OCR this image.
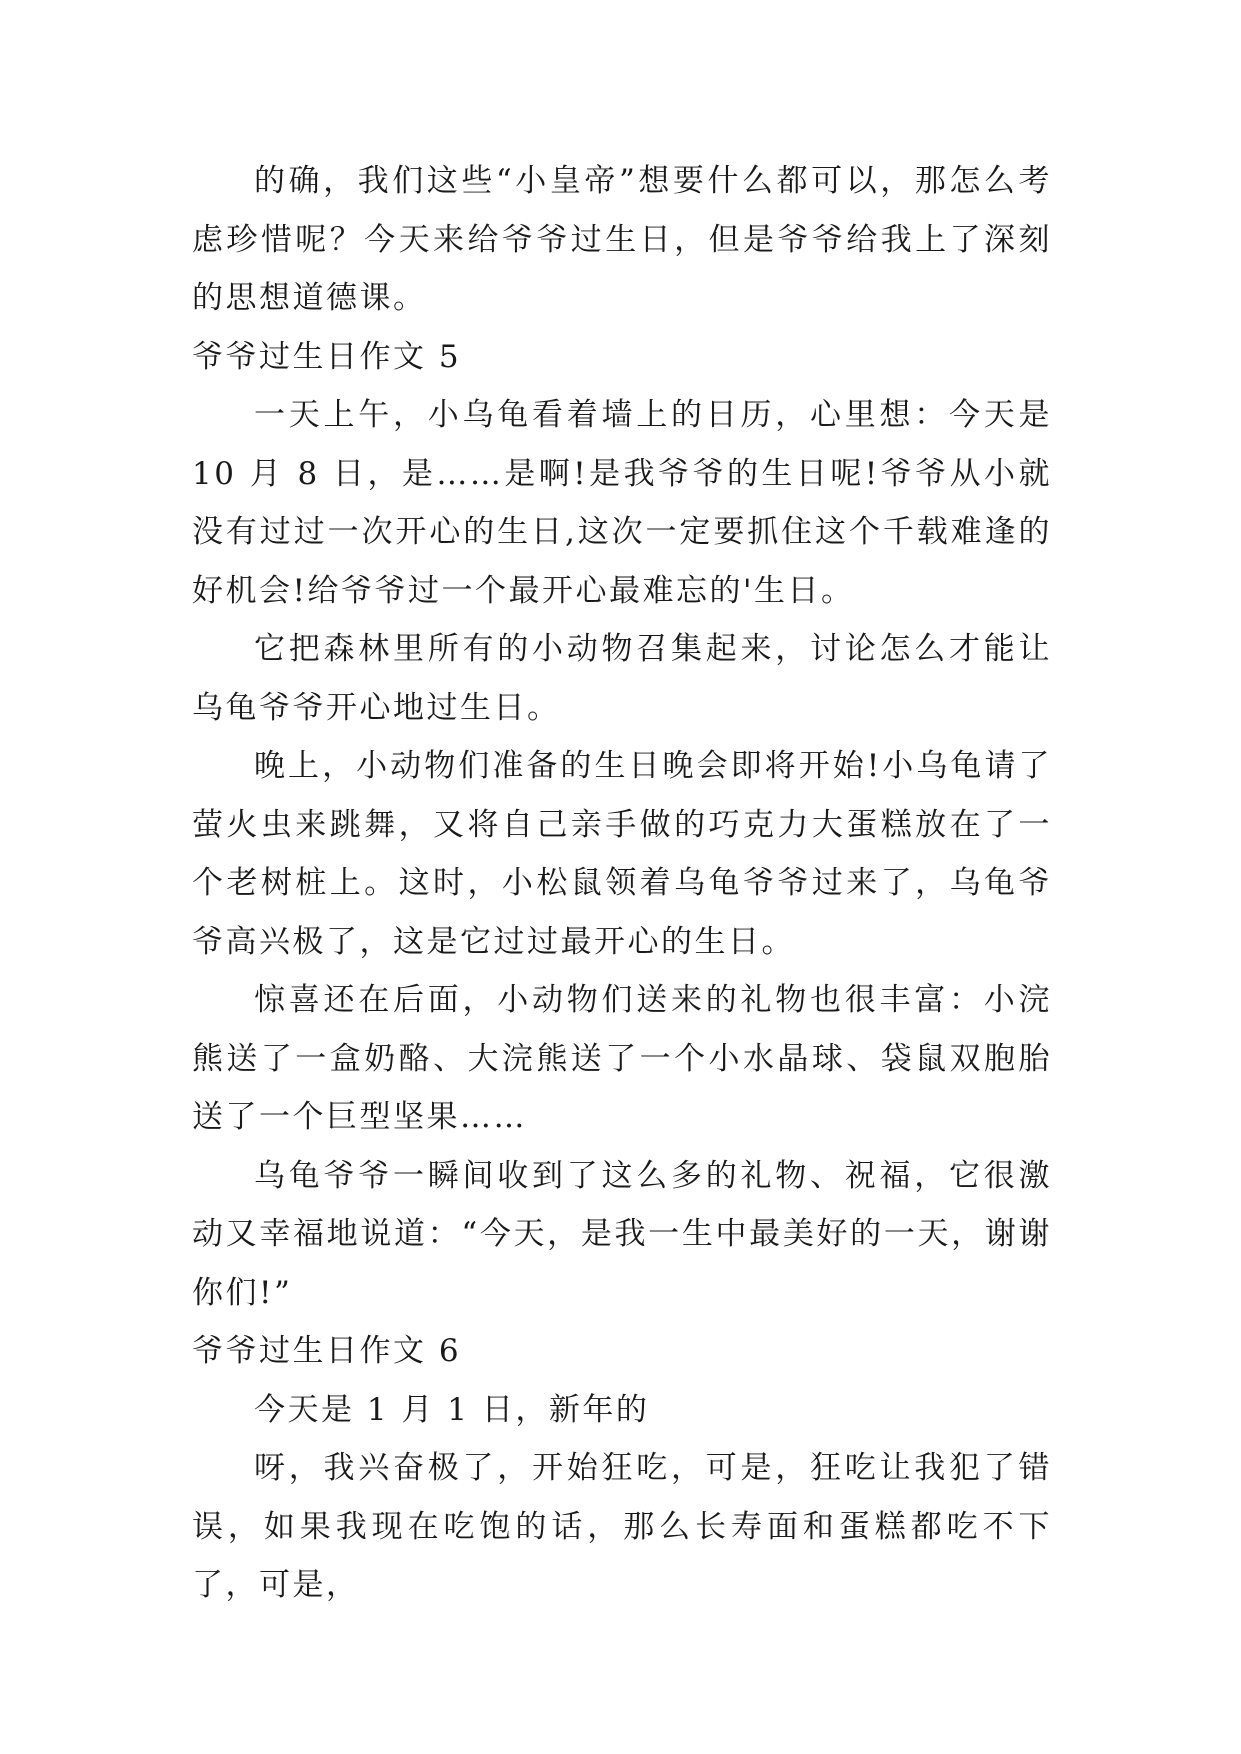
的确，我们这些“小皇帝”想要什么都可以，那怎么考虑珍惜呢？今天来给爷爷过生日，但是爷爷给我上了深刻的思想道德课。

爷爷过生日作文 5

一天上午，小乌龟看着墙上的日历，心里想：今天是 10 月 8 日，是……是啊!是我爷爷的生日呢!爷爷从小就没有过过一次开心的生日,这次一定要抓住这个千载难逢的好机会!给爷爷过一个最开心最难忘的'生日。

它把森林里所有的小动物召集起来，讨论怎么才能让乌龟爷爷开心地过生日。

晚上，小动物们准备的生日晚会即将开始!小乌龟请了萤火虫来跳舞，又将自己亲手做的巧克力大蛋糕放在了一个老树桩上。这时，小松鼠领着乌龟爷爷过来了，乌龟爷爷高兴极了，这是它过过最开心的生日。

惊喜还在后面，小动物们送来的礼物也很丰富：小浣熊送了一盒奶酪、大浣熊送了一个小水晶球、袋鼠双胞胎送了一个巨型坚果……

乌龟爷爷一瞬间收到了这么多的礼物、祝福，它很激动又幸福地说道：“今天，是我一生中最美好的一天，谢谢你们!”

爷爷过生日作文 6

今天是 1 月 1 日，新年的

呀，我兴奋极了，开始狂吃，可是，狂吃让我犯了错误，如果我现在吃饱的话，那么长寿面和蛋糕都吃不下了，可是，
